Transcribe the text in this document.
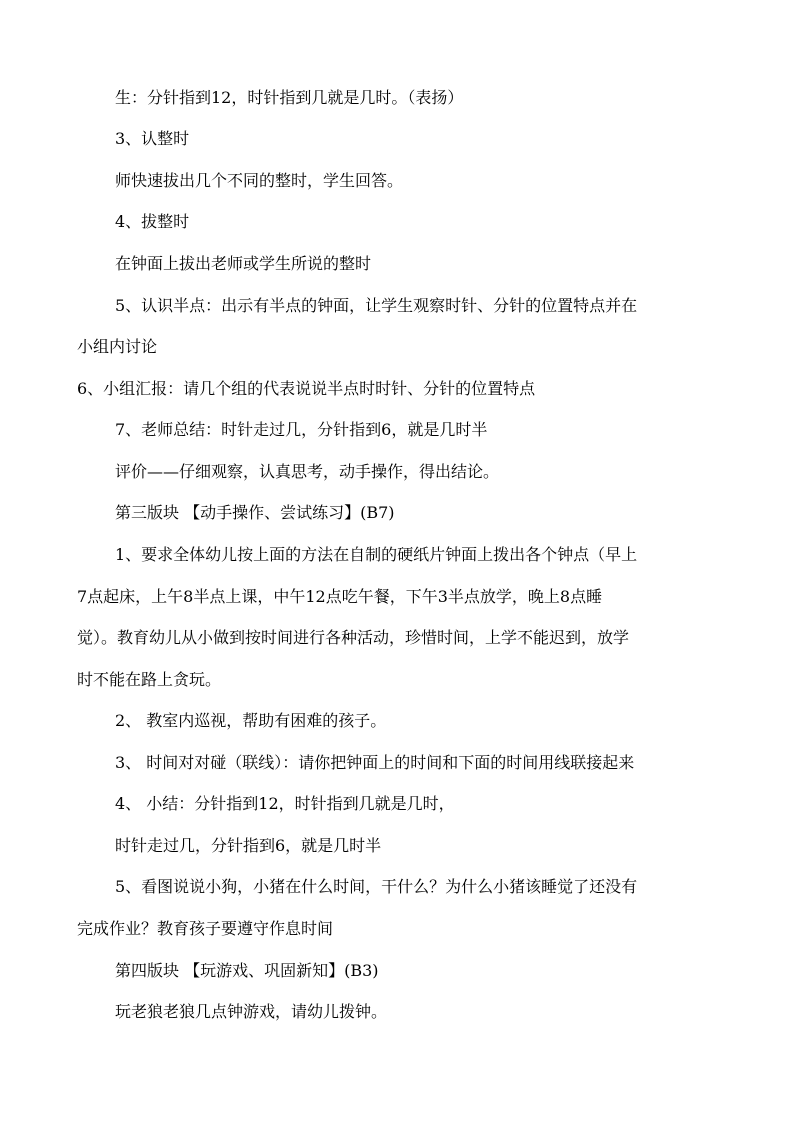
生：分针指到12，时针指到几就是几时。（表扬）

3、认整时

师快速拔出几个不同的整时，学生回答。

4、拔整时

在钟面上拔出老师或学生所说的整时

5、认识半点：出示有半点的钟面，让学生观察时针、分针的位置特点并在

小组内讨论

6、小组汇报：请几个组的代表说说半点时时针、分针的位置特点

7、老师总结：时针走过几，分针指到6，就是几时半

评价——仔细观察，认真思考，动手操作，得出结论。

第三版块 【动手操作、尝试练习】(B7)

1、要求全体幼儿按上面的方法在自制的硬纸片钟面上拨出各个钟点（早上

7点起床，上午8半点上课，中午12点吃午餐，下午3半点放学，晚上8点睡

觉）。教育幼儿从小做到按时间进行各种活动，珍惜时间，上学不能迟到，放学

时不能在路上贪玩。

2、 教室内巡视，帮助有困难的孩子。

3、 时间对对碰（联线）：请你把钟面上的时间和下面的时间用线联接起来

4、 小结：分针指到12，时针指到几就是几时，

时针走过几，分针指到6，就是几时半

5、看图说说小狗，小猪在什么时间，干什么？为什么小猪该睡觉了还没有

完成作业？教育孩子要遵守作息时间

第四版块 【玩游戏、巩固新知】(B3)

玩老狼老狼几点钟游戏，请幼儿拨钟。
